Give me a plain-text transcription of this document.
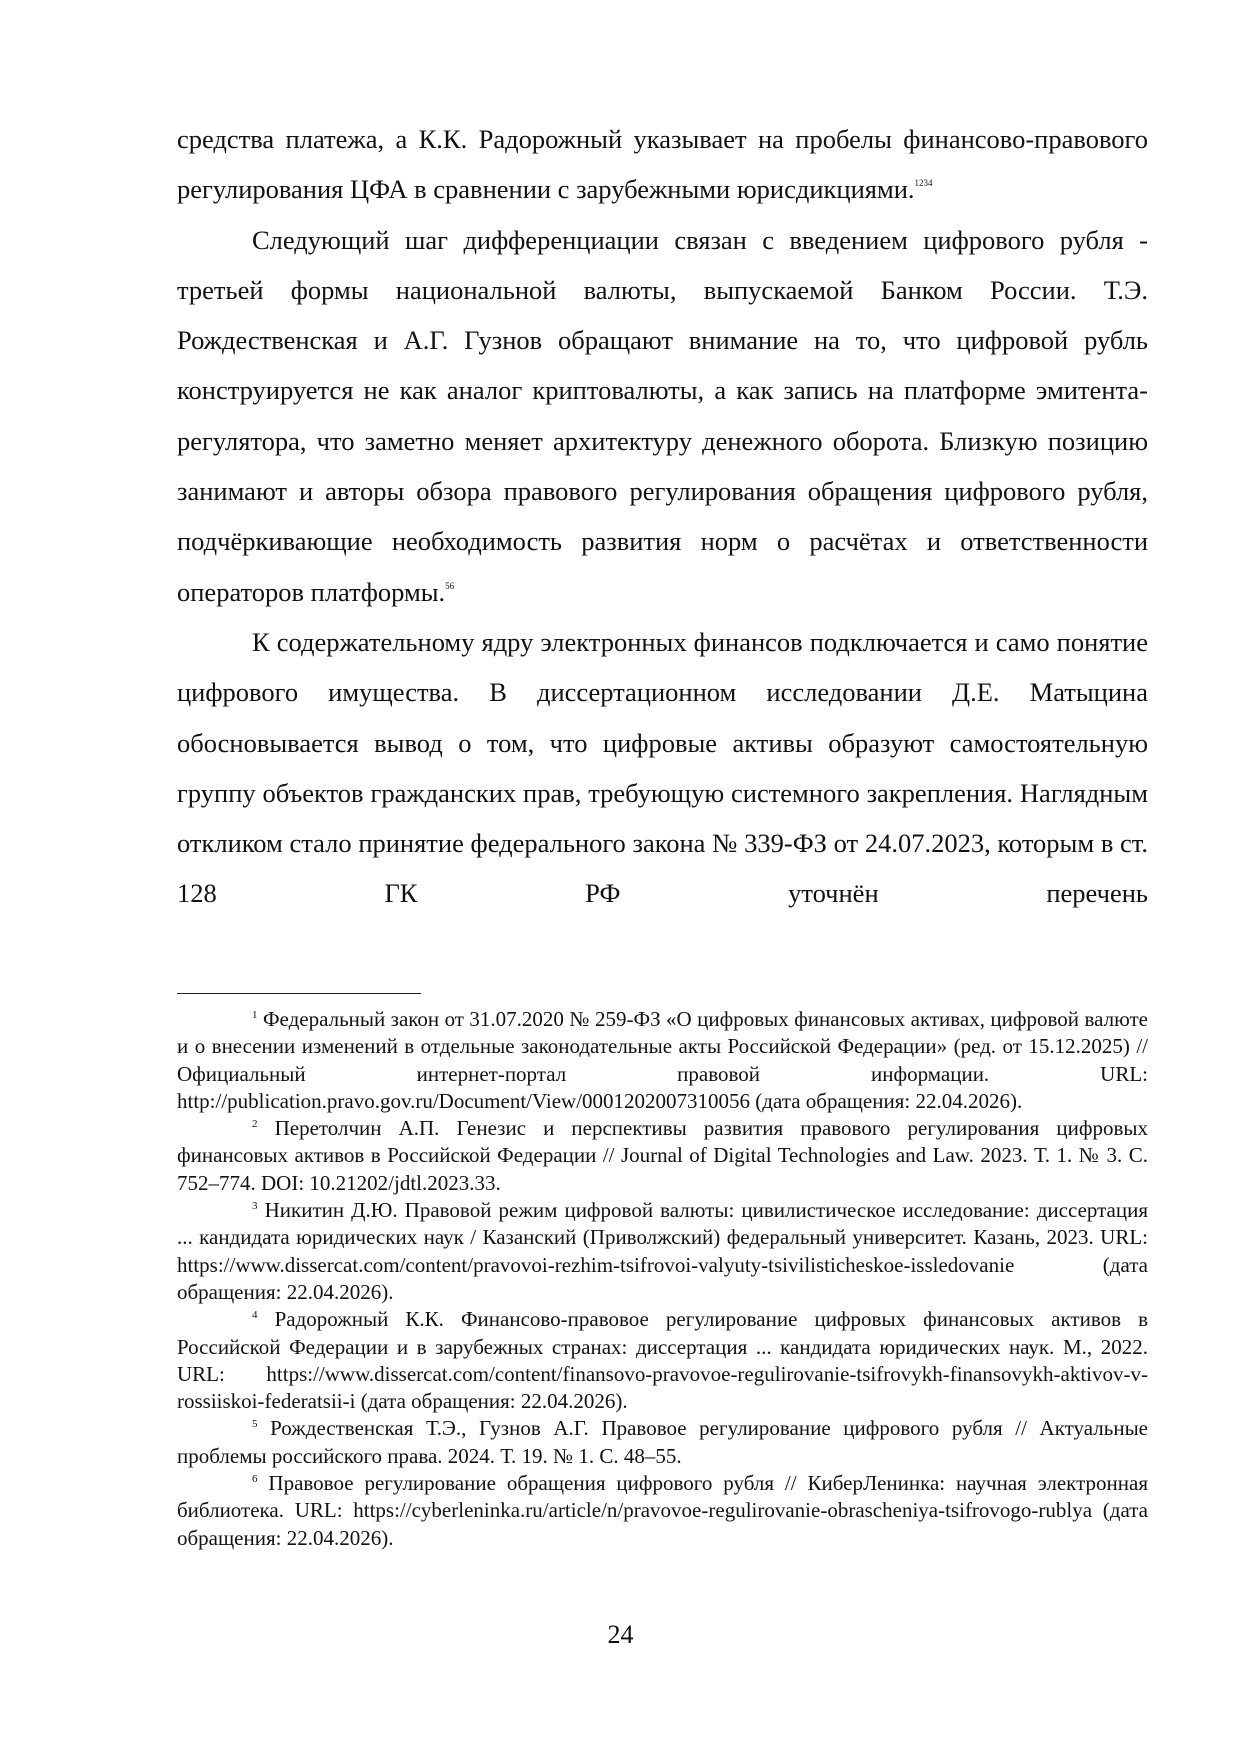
средства платежа, а К.К. Радорожный указывает на пробелы финансово-правового регулирования ЦФА в сравнении с зарубежными юрисдикциями.$^{1234}$

Следующий шаг дифференциации связан с введением цифрового рубля - третьей формы национальной валюты, выпускаемой Банком России. Т.Э. Рождественская и А.Г. Гузнов обращают внимание на то, что цифровой рубль конструируется не как аналог криптовалюты, а как запись на платформе эмитента-регулятора, что заметно меняет архитектуру денежного оборота. Близкую позицию занимают и авторы обзора правового регулирования обращения цифрового рубля, подчёркивающие необходимость развития норм о расчётах и ответственности операторов платформы.$^{56}$

К содержательному ядру электронных финансов подключается и само понятие цифрового имущества. В диссертационном исследовании Д.Е. Матыцина обосновывается вывод о том, что цифровые активы образуют самостоятельную группу объектов гражданских прав, требующую системного закрепления. Наглядным откликом стало принятие федерального закона № 339-ФЗ от 24.07.2023, которым в ст. 128 ГК РФ уточнён перечень

$^1$ Федеральный закон от 31.07.2020 № 259-ФЗ «О цифровых финансовых активах, цифровой валюте и о внесении изменений в отдельные законодательные акты Российской Федерации» (ред. от 15.12.2025) // Официальный интернет-портал правовой информации. URL: http://publication.pravo.gov.ru/Document/View/0001202007310056 (дата обращения: 22.04.2026).

$^2$ Перетолчин А.П. Генезис и перспективы развития правового регулирования цифровых финансовых активов в Российской Федерации // Journal of Digital Technologies and Law. 2023. Т. 1. № 3. С. 752–774. DOI: 10.21202/jdtl.2023.33.

$^3$ Никитин Д.Ю. Правовой режим цифровой валюты: цивилистическое исследование: диссертация ... кандидата юридических наук / Казанский (Приволжский) федеральный университет. Казань, 2023. URL: https://www.dissercat.com/content/pravovoi-rezhim-tsifrovoi-valyuty-tsivilisticheskoe-issledovanie (дата обращения: 22.04.2026).

$^4$ Радорожный К.К. Финансово-правовое регулирование цифровых финансовых активов в Российской Федерации и в зарубежных странах: диссертация ... кандидата юридических наук. М., 2022. URL: https://www.dissercat.com/content/finansovo-pravovoe-regulirovanie-tsifrovykh-finansovykh-aktivov-v-rossiiskoi-federatsii-i (дата обращения: 22.04.2026).

$^5$ Рождественская Т.Э., Гузнов А.Г. Правовое регулирование цифрового рубля // Актуальные проблемы российского права. 2024. Т. 19. № 1. С. 48–55.

$^6$ Правовое регулирование обращения цифрового рубля // КиберЛенинка: научная электронная библиотека. URL: https://cyberleninka.ru/article/n/pravovoe-regulirovanie-obrascheniya-tsifrovogo-rublya (дата обращения: 22.04.2026).

24
